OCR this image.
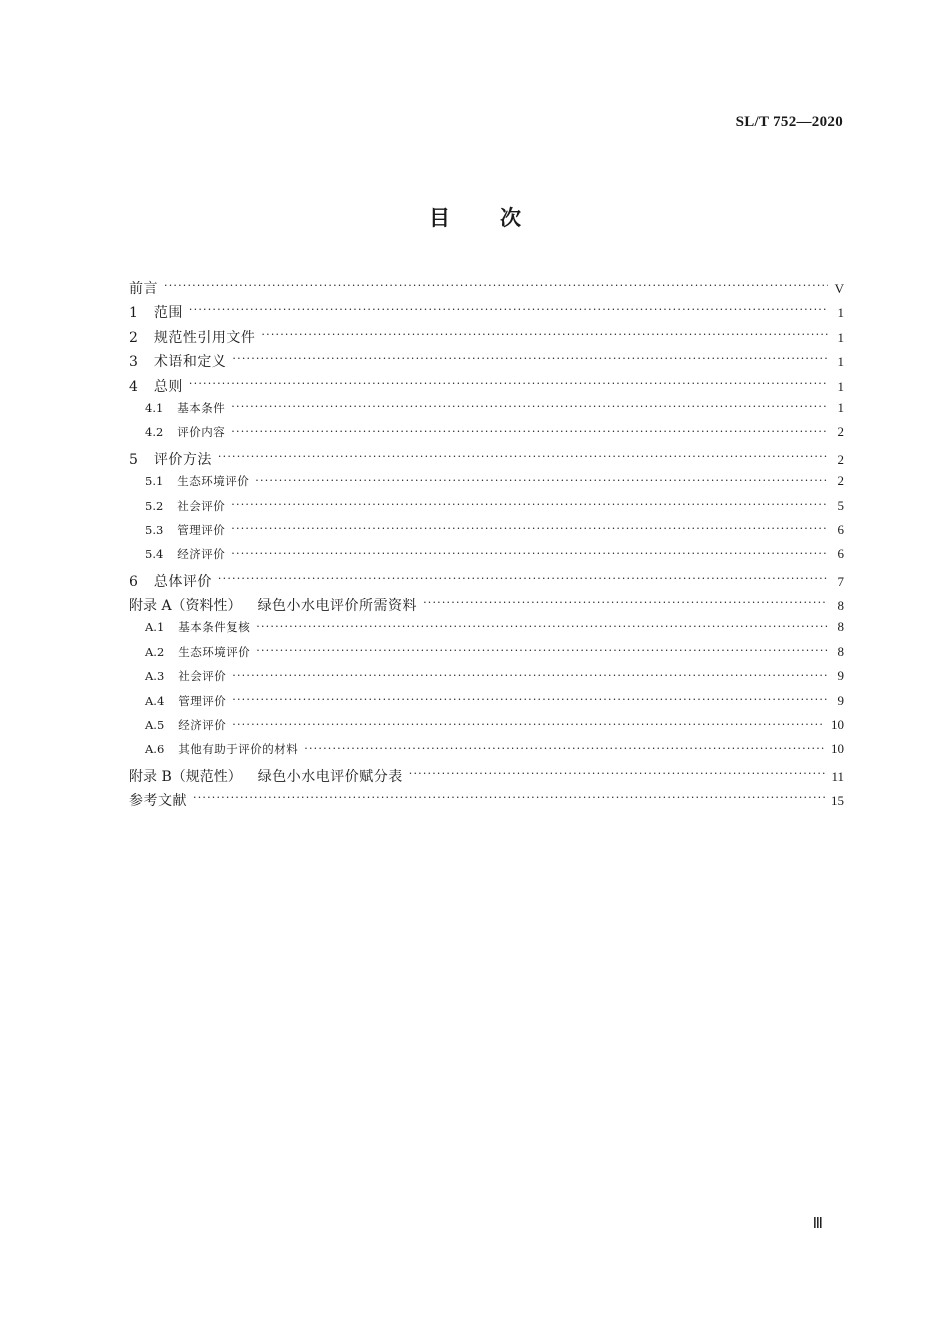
SL/T 752—2020
目 次
前言 ·····	V
1 范围 ·····	1
2 规范性引用文件 ·····	1
3 术语和定义 ·····	1
4 总则 ·····	1
4.1 基本条件 ·····	1
4.2 评价内容 ·····	2
5 评价方法 ·····	2
5.1 生态环境评价 ·····	2
5.2 社会评价 ·····	5
5.3 管理评价 ·····	6
5.4 经济评价 ·····	6
6 总体评价 ·····	7
附录 A（资料性） 绿色小水电评价所需资料 ·····	8
A.1 基本条件复核 ·····	8
A.2 生态环境评价 ·····	8
A.3 社会评价 ·····	9
A.4 管理评价 ·····	9
A.5 经济评价 ·····	10
A.6 其他有助于评价的材料 ·····	10
附录 B（规范性） 绿色小水电评价赋分表 ·····	11
参考文献 ·····	15
Ⅲ
